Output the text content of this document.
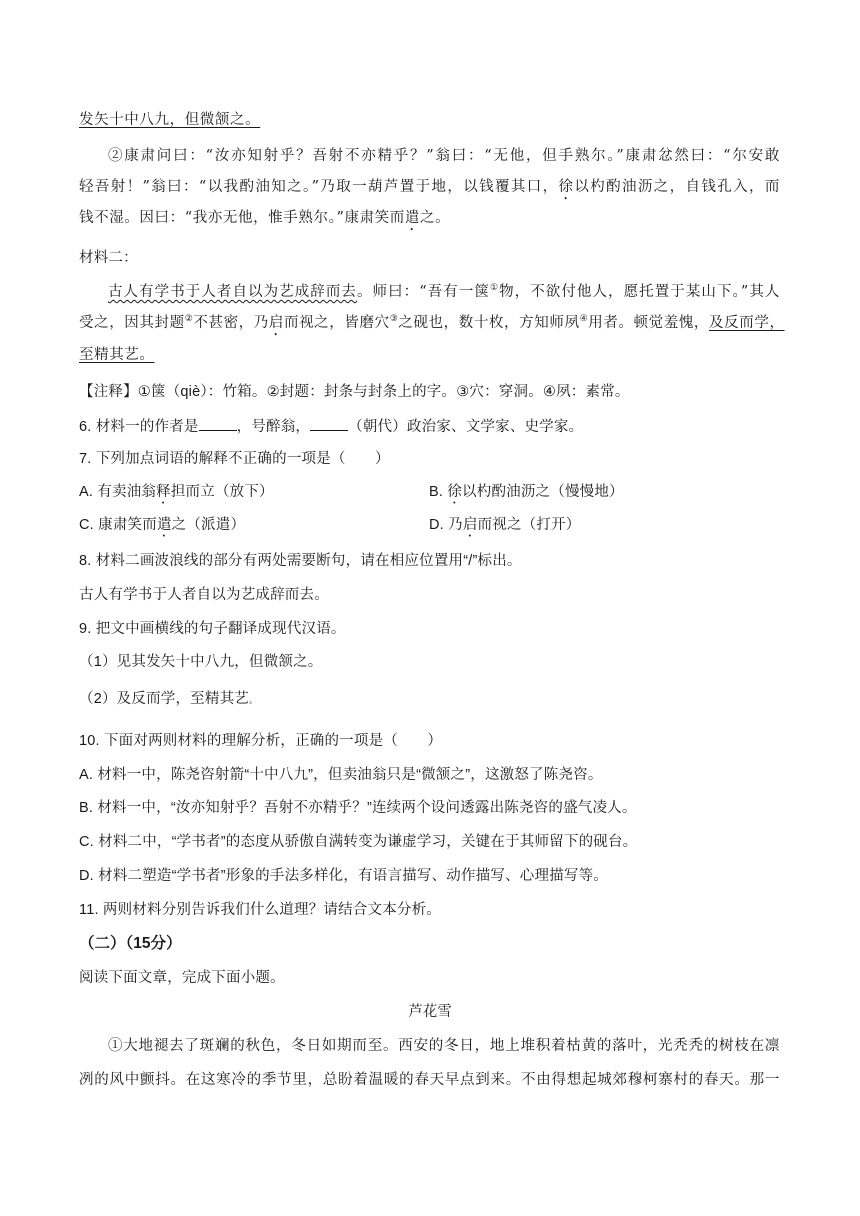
发矢十中八九，但微颔之。
②康肃问曰：“汝亦知射乎？吾射不亦精乎？”翁曰：“无他，但手熟尔。”康肃忿然曰：“尔安敢
轻吾射！”翁曰：“以我酌油知之。”乃取一葫芦置于地，以钱覆其口，徐以杓酌油沥之，自钱孔入，而
钱不湿。因曰：“我亦无他，惟手熟尔。”康肃笑而遣之。
材料二：
古人有学书于人者自以为艺成辞而去。师曰：“吾有一箧①物，不欲付他人，愿托置于某山下。”其人
受之，因其封题②不甚密，乃启而视之，皆磨穴③之砚也，数十枚，方知师夙④用者。顿觉羞愧，及反而学，
至精其艺。
【注释】①箧（qiè）：竹箱。②封题：封条与封条上的字。③穴：穿洞。④夙：素常。
6. 材料一的作者是	，号醉翁，	（朝代）政治家、文学家、史学家。
7. 下列加点词语的解释不正确的一项是（　　）
A. 有卖油翁释担而立（放下）	B. 徐以杓酌油沥之（慢慢地）
C. 康肃笑而遣之（派遣）	D. 乃启而视之（打开）
8. 材料二画波浪线的部分有两处需要断句，请在相应位置用“/”标出。
古人有学书于人者自以为艺成辞而去。
9. 把文中画横线的句子翻译成现代汉语。
（1）见其发矢十中八九，但微颔之。
（2）及反而学，至精其艺。
10. 下面对两则材料的理解分析，正确的一项是（　　）
A. 材料一中，陈尧咨射箭“十中八九”，但卖油翁只是“微颔之”，这激怒了陈尧咨。
B. 材料一中，“汝亦知射乎？吾射不亦精乎？”连续两个设问透露出陈尧咨的盛气凌人。
C. 材料二中，“学书者”的态度从骄傲自满转变为谦虚学习，关键在于其师留下的砚台。
D. 材料二塑造“学书者”形象的手法多样化，有语言描写、动作描写、心理描写等。
11. 两则材料分别告诉我们什么道理？请结合文本分析。
（二）（15分）
阅读下面文章，完成下面小题。
芦花雪
①大地褪去了斑斓的秋色，冬日如期而至。西安的冬日，地上堆积着枯黄的落叶，光秃秃的树枝在凛
冽的风中颤抖。在这寒冷的季节里，总盼着温暖的春天早点到来。不由得想起城郊穆柯寨村的春天。那一
